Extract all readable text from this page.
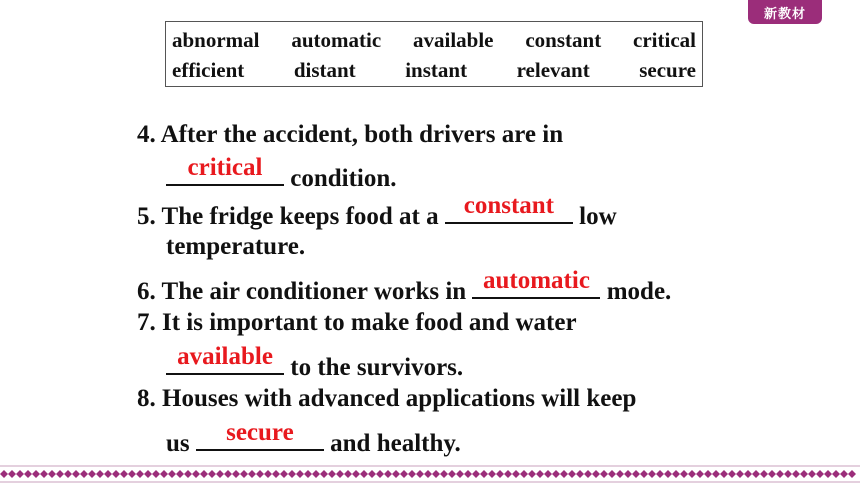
新教材
abnormal automatic available constant critical
efficient distant instant relevant secure
4. After the accident, both drivers are in
critical condition.
5. The fridge keeps food at a constant low
temperature.
6. The air conditioner works in automatic mode.
7. It is important to make food and water
available to the survivors.
8. Houses with advanced applications will keep
us	secure	and healthy.
